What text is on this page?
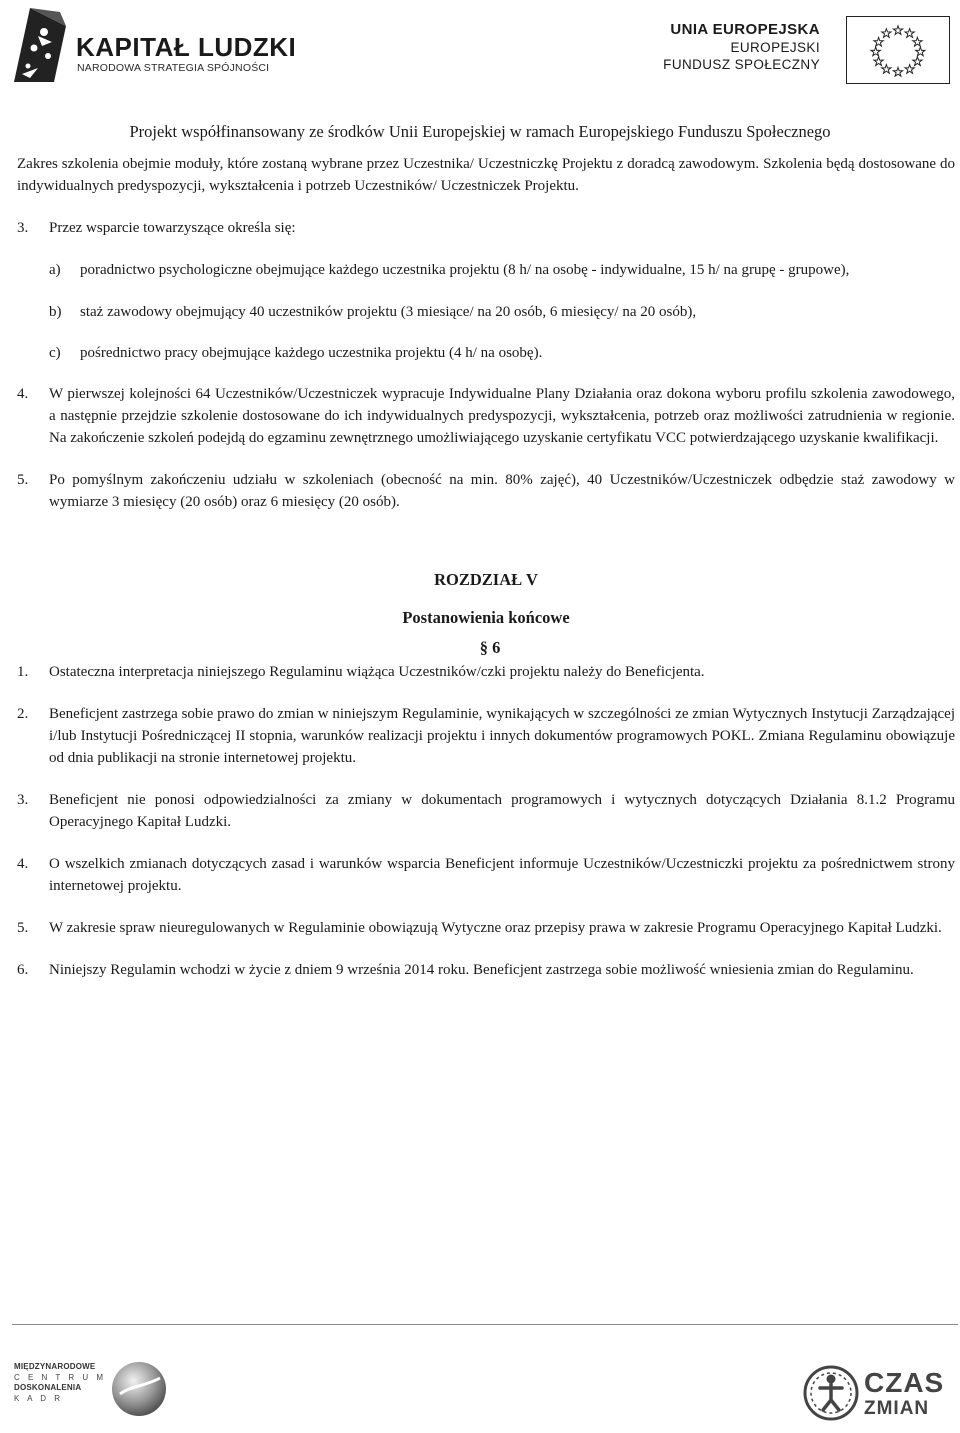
KAPITAŁ LUDZKI
NARODOWA STRATEGIA SPÓJNOŚCI
UNIA EUROPEJSKA
EUROPEJSKI
FUNDUSZ SPOŁECZNY
Projekt współfinansowany ze środków Unii Europejskiej w ramach Europejskiego Funduszu Społecznego

Zakres szkolenia obejmie moduły, które zostaną wybrane przez Uczestnika/ Uczestniczkę Projektu z doradcą zawodowym. Szkolenia będą dostosowane do indywidualnych predyspozycji, wykształcenia i potrzeb Uczestników/ Uczestniczek Projektu.

3. Przez wsparcie towarzyszące określa się:
a) poradnictwo psychologiczne obejmujące każdego uczestnika projektu (8 h/ na osobę - indywidualne, 15 h/ na grupę - grupowe),
b) staż zawodowy obejmujący 40 uczestników projektu (3 miesiące/ na 20 osób, 6 miesięcy/ na 20 osób),
c) pośrednictwo pracy obejmujące każdego uczestnika projektu (4 h/ na osobę).
4. W pierwszej kolejności 64 Uczestników/Uczestniczek wypracuje Indywidualne Plany Działania oraz dokona wyboru profilu szkolenia zawodowego, a następnie przejdzie szkolenie dostosowane do ich indywidualnych predyspozycji, wykształcenia, potrzeb oraz możliwości zatrudnienia w regionie. Na zakończenie szkoleń podejdą do egzaminu zewnętrznego umożliwiającego uzyskanie certyfikatu VCC potwierdzającego uzyskanie kwalifikacji.
5. Po pomyślnym zakończeniu udziału w szkoleniach (obecność na min. 80% zajęć), 40 Uczestników/Uczestniczek odbędzie staż zawodowy w wymiarze 3 miesięcy (20 osób) oraz 6 miesięcy (20 osób).

ROZDZIAŁ V

Postanowienia końcowe

§ 6

1. Ostateczna interpretacja niniejszego Regulaminu wiążąca Uczestników/czki projektu należy do Beneficjenta.
2. Beneficjent zastrzega sobie prawo do zmian w niniejszym Regulaminie, wynikających w szczególności ze zmian Wytycznych Instytucji Zarządzającej i/lub Instytucji Pośredniczącej II stopnia, warunków realizacji projektu i innych dokumentów programowych POKL. Zmiana Regulaminu obowiązuje od dnia publikacji na stronie internetowej projektu.
3. Beneficjent nie ponosi odpowiedzialności za zmiany w dokumentach programowych i wytycznych dotyczących Działania 8.1.2 Programu Operacyjnego Kapitał Ludzki.
4. O wszelkich zmianach dotyczących zasad i warunków wsparcia Beneficjent informuje Uczestników/Uczestniczki projektu za pośrednictwem strony internetowej projektu.
5. W zakresie spraw nieuregulowanych w Regulaminie obowiązują Wytyczne oraz przepisy prawa w zakresie Programu Operacyjnego Kapitał Ludzki.
6. Niniejszy Regulamin wchodzi w życie z dniem 9 września 2014 roku. Beneficjent zastrzega sobie możliwość wniesienia zmian do Regulaminu.
MIĘDZYNARODOWE
C E N T R U M
DOSKONALENIA
K A D R	CZAS
ZMIAN
